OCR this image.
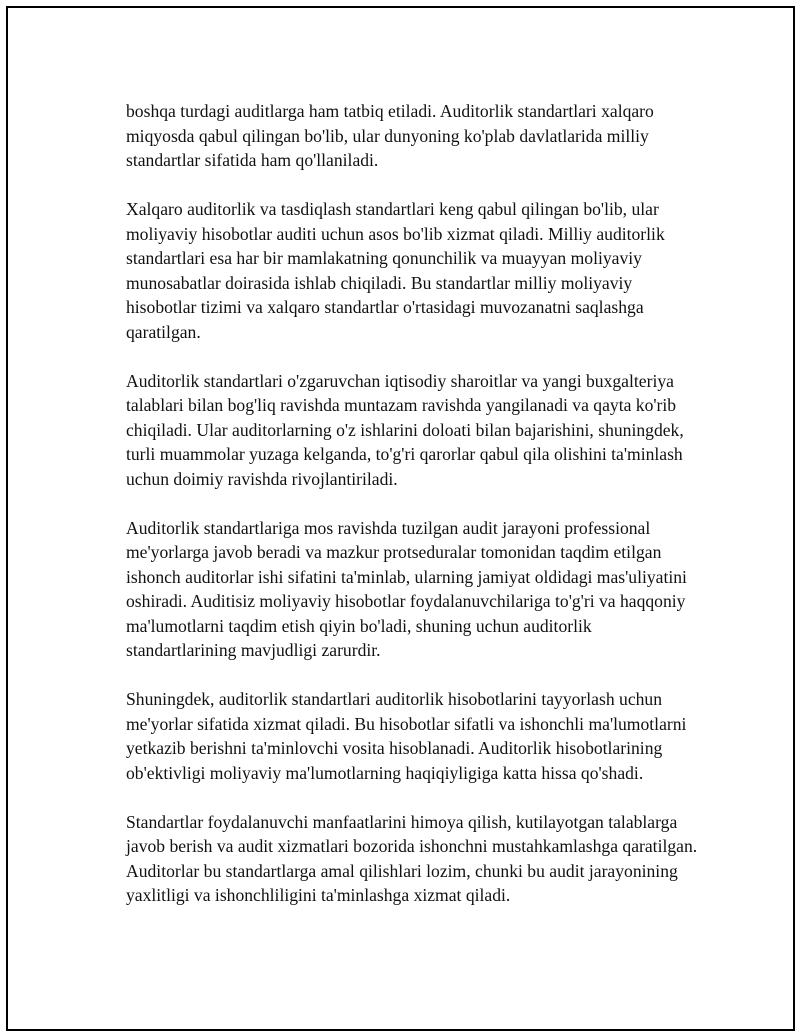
boshqa turdagi auditlarga ham tatbiq etiladi. Auditorlik standartlari xalqaro miqyosda qabul qilingan bo'lib, ular dunyoning ko'plab davlatlarida milliy standartlar sifatida ham qo'llaniladi.

Xalqaro auditorlik va tasdiqlash standartlari keng qabul qilingan bo'lib, ular moliyaviy hisobotlar auditi uchun asos bo'lib xizmat qiladi. Milliy auditorlik standartlari esa har bir mamlakatning qonunchilik va muayyan moliyaviy munosabatlar doirasida ishlab chiqiladi. Bu standartlar milliy moliyaviy hisobotlar tizimi va xalqaro standartlar o'rtasidagi muvozanatni saqlashga qaratilgan.

Auditorlik standartlari o'zgaruvchan iqtisodiy sharoitlar va yangi buxgalteriya talablari bilan bog'liq ravishda muntazam ravishda yangilanadi va qayta ko'rib chiqiladi. Ular auditorlarning o'z ishlarini doloati bilan bajarishini, shuningdek, turli muammolar yuzaga kelganda, to'g'ri qarorlar qabul qila olishini ta'minlash uchun doimiy ravishda rivojlantiriladi.

Auditorlik standartlariga mos ravishda tuzilgan audit jarayoni professional me'yorlarga javob beradi va mazkur protseduralar tomonidan taqdim etilgan ishonch auditorlar ishi sifatini ta'minlab, ularning jamiyat oldidagi mas'uliyatini oshiradi. Auditisiz moliyaviy hisobotlar foydalanuvchilariga to'g'ri va haqqoniy ma'lumotlarni taqdim etish qiyin bo'ladi, shuning uchun auditorlik standartlarining mavjudligi zarurdir.

Shuningdek, auditorlik standartlari auditorlik hisobotlarini tayyorlash uchun me'yorlar sifatida xizmat qiladi. Bu hisobotlar sifatli va ishonchli ma'lumotlarni yetkazib berishni ta'minlovchi vosita hisoblanadi. Auditorlik hisobotlarining ob'ektivligi moliyaviy ma'lumotlarning haqiqiyligiga katta hissa qo'shadi.

Standartlar foydalanuvchi manfaatlarini himoya qilish, kutilayotgan talablarga javob berish va audit xizmatlari bozorida ishonchni mustahkamlashga qaratilgan. Auditorlar bu standartlarga amal qilishlari lozim, chunki bu audit jarayonining yaxlitligi va ishonchliligini ta'minlashga xizmat qiladi.
